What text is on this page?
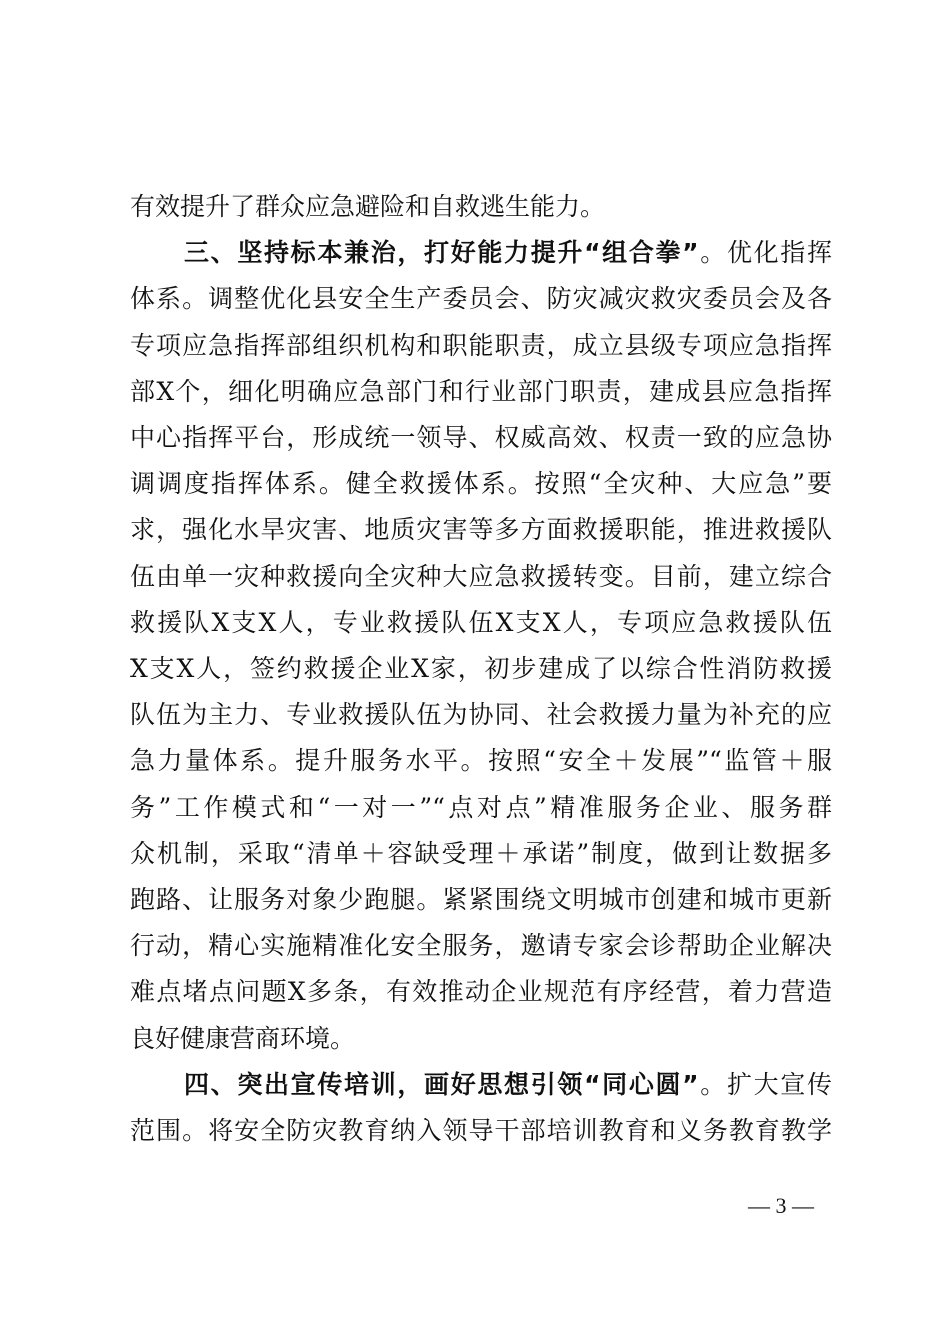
有效提升了群众应急避险和自救逃生能力。
三、坚持标本兼治，打好能力提升“组合拳”。优化指挥
体系。调整优化县安全生产委员会、防灾减灾救灾委员会及各
专项应急指挥部组织机构和职能职责，成立县级专项应急指挥
部X个，细化明确应急部门和行业部门职责，建成县应急指挥
中心指挥平台，形成统一领导、权威高效、权责一致的应急协
调调度指挥体系。健全救援体系。按照“全灾种、大应急”要
求，强化水旱灾害、地质灾害等多方面救援职能，推进救援队
伍由单一灾种救援向全灾种大应急救援转变。目前，建立综合
救援队X支X人，专业救援队伍X支X人，专项应急救援队伍
X支X人，签约救援企业X家，初步建成了以综合性消防救援
队伍为主力、专业救援队伍为协同、社会救援力量为补充的应
急力量体系。提升服务水平。按照“安全＋发展”“监管＋服
务”工作模式和“一对一”“点对点”精准服务企业、服务群
众机制，采取“清单＋容缺受理＋承诺”制度，做到让数据多
跑路、让服务对象少跑腿。紧紧围绕文明城市创建和城市更新
行动，精心实施精准化安全服务，邀请专家会诊帮助企业解决
难点堵点问题X多条，有效推动企业规范有序经营，着力营造
良好健康营商环境。
四、突出宣传培训，画好思想引领“同心圆”。扩大宣传
范围。将安全防灾教育纳入领导干部培训教育和义务教育教学
— 3 —
